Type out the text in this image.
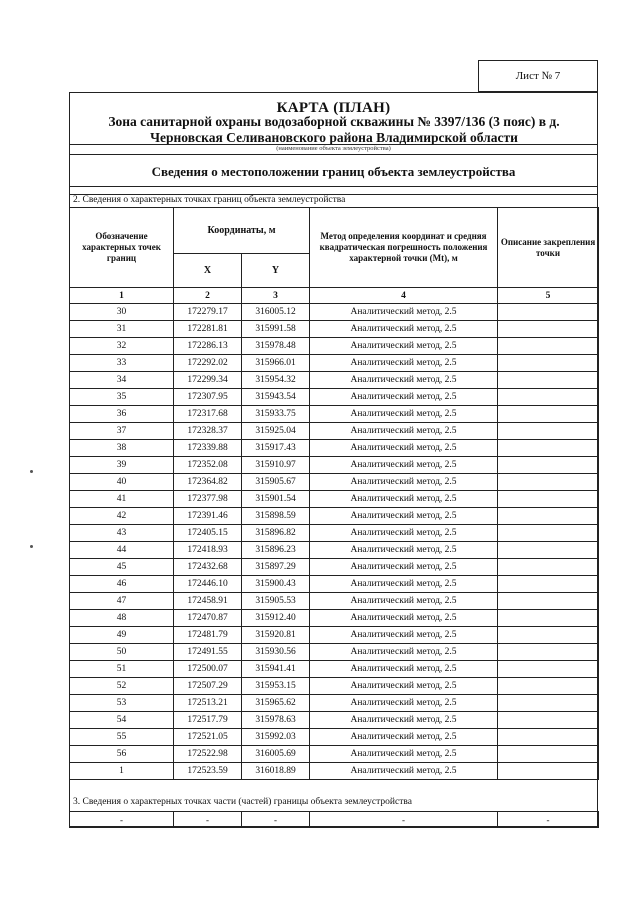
Лист № 7
КАРТА (ПЛАН)
Зона санитарной охраны водозаборной скважины № 3397/136 (3 пояс) в д. Черновская Селивановского района Владимирской области
(наименование объекта землеустройства)
Сведения о местоположении границ объекта землеустройства
2. Сведения о характерных точках границ объекта землеустройства
Обозначение характерных точек границ	Координаты, м		Метод определения координат и средняя квадратическая погрешность положения характерной точки (Mt), м	Описание закрепления точки
	X	Y		
1	2	3	4	5
30	172279.17	316005.12	Аналитический метод, 2.5	
31	172281.81	315991.58	Аналитический метод, 2.5	
32	172286.13	315978.48	Аналитический метод, 2.5	
33	172292.02	315966.01	Аналитический метод, 2.5	
34	172299.34	315954.32	Аналитический метод, 2.5	
35	172307.95	315943.54	Аналитический метод, 2.5	
36	172317.68	315933.75	Аналитический метод, 2.5	
37	172328.37	315925.04	Аналитический метод, 2.5	
38	172339.88	315917.43	Аналитический метод, 2.5	
39	172352.08	315910.97	Аналитический метод, 2.5	
40	172364.82	315905.67	Аналитический метод, 2.5	
41	172377.98	315901.54	Аналитический метод, 2.5	
42	172391.46	315898.59	Аналитический метод, 2.5	
43	172405.15	315896.82	Аналитический метод, 2.5	
44	172418.93	315896.23	Аналитический метод, 2.5	
45	172432.68	315897.29	Аналитический метод, 2.5	
46	172446.10	315900.43	Аналитический метод, 2.5	
47	172458.91	315905.53	Аналитический метод, 2.5	
48	172470.87	315912.40	Аналитический метод, 2.5	
49	172481.79	315920.81	Аналитический метод, 2.5	
50	172491.55	315930.56	Аналитический метод, 2.5	
51	172500.07	315941.41	Аналитический метод, 2.5	
52	172507.29	315953.15	Аналитический метод, 2.5	
53	172513.21	315965.62	Аналитический метод, 2.5	
54	172517.79	315978.63	Аналитический метод, 2.5	
55	172521.05	315992.03	Аналитический метод, 2.5	
56	172522.98	316005.69	Аналитический метод, 2.5	
1	172523.59	316018.89	Аналитический метод, 2.5	
3. Сведения о характерных точках части (частей) границы объекта землеустройства
-	-	-	-	-
